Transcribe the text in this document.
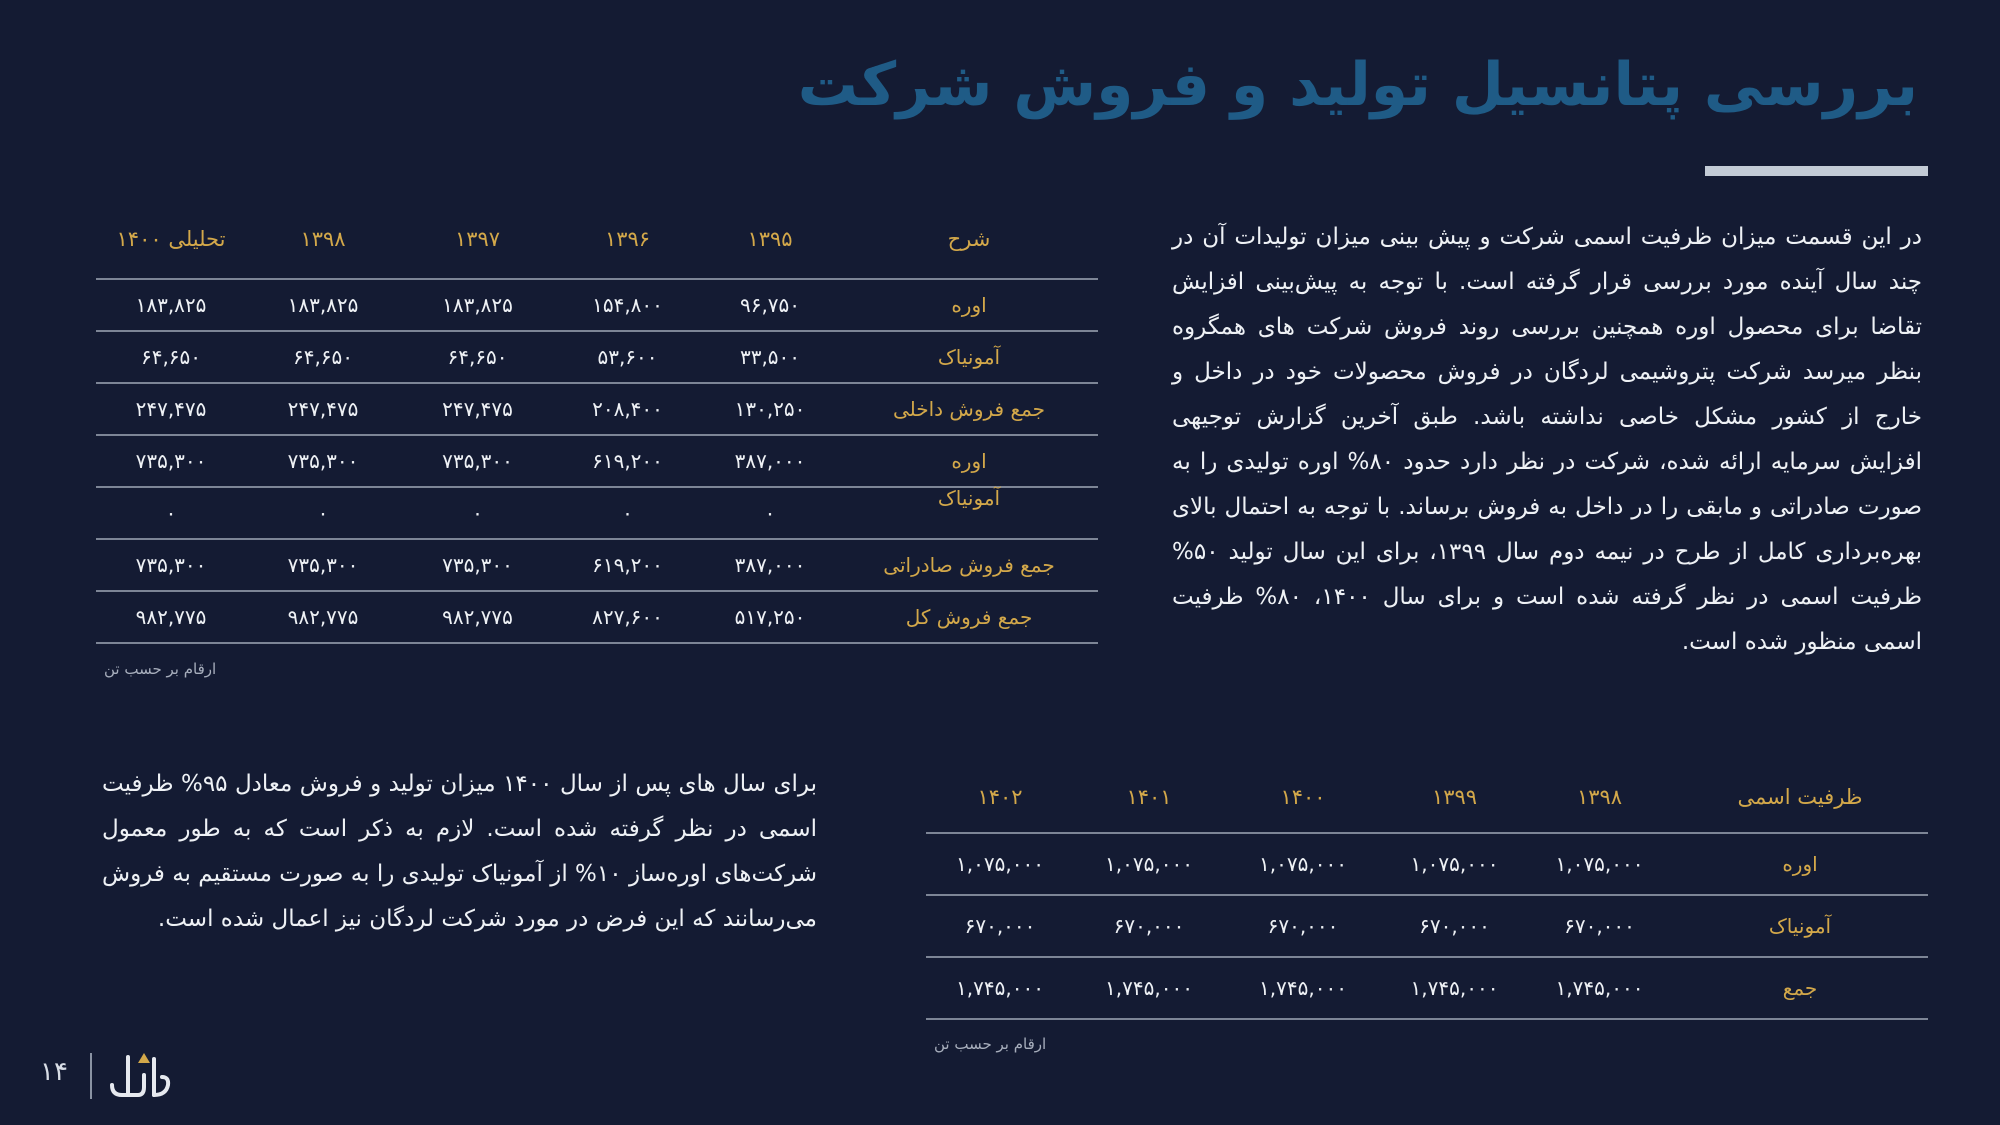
بررسی پتانسیل تولید و فروش شرکت

در این قسمت میزان ظرفیت اسمی شرکت و پیش بینی میزان تولیدات آن در چند سال آینده مورد بررسی قرار گرفته است. با توجه به پیش‌بینی افزایش تقاضا برای محصول اوره همچنین بررسی روند فروش شرکت های همگروه بنظر میرسد شرکت پتروشیمی لردگان در فروش محصولات خود در داخل و خارج از کشور مشکل خاصی نداشته باشد. طبق آخرین گزارش توجیهی افزایش سرمایه ارائه شده، شرکت در نظر دارد حدود ۸۰% اوره تولیدی را به صورت صادراتی و مابقی را در داخل به فروش برساند. با توجه به احتمال بالای بهره‌برداری کامل از طرح در نیمه دوم سال ۱۳۹۹، برای این سال تولید ۵۰% ظرفیت اسمی در نظر گرفته شده است و برای سال ۱۴۰۰، ۸۰% ظرفیت اسمی منظور شده است.

شرح	۱۳۹۵	۱۳۹۶	۱۳۹۷	۱۳۹۸	تحلیلی ۱۴۰۰
اوره	۹۶,۷۵۰	۱۵۴,۸۰۰	۱۸۳,۸۲۵	۱۸۳,۸۲۵	۱۸۳,۸۲۵
آمونیاک	۳۳,۵۰۰	۵۳,۶۰۰	۶۴,۶۵۰	۶۴,۶۵۰	۶۴,۶۵۰
جمع فروش داخلی	۱۳۰,۲۵۰	۲۰۸,۴۰۰	۲۴۷,۴۷۵	۲۴۷,۴۷۵	۲۴۷,۴۷۵
اوره	۳۸۷,۰۰۰	۶۱۹,۲۰۰	۷۳۵,۳۰۰	۷۳۵,۳۰۰	۷۳۵,۳۰۰
آمونیاک	۰	۰	۰	۰	۰
جمع فروش صادراتی	۳۸۷,۰۰۰	۶۱۹,۲۰۰	۷۳۵,۳۰۰	۷۳۵,۳۰۰	۷۳۵,۳۰۰
جمع فروش کل	۵۱۷,۲۵۰	۸۲۷,۶۰۰	۹۸۲,۷۷۵	۹۸۲,۷۷۵	۹۸۲,۷۷۵
ارقام بر حسب تن

برای سال های پس از سال ۱۴۰۰ میزان تولید و فروش معادل ۹۵% ظرفیت اسمی در نظر گرفته شده است. لازم به ذکر است که به طور معمول شرکت‌های اوره‌ساز ۱۰% از آمونیاک تولیدی را به صورت مستقیم به فروش می‌رسانند که این فرض در مورد شرکت لردگان نیز اعمال شده است.

ظرفیت اسمی	۱۳۹۸	۱۳۹۹	۱۴۰۰	۱۴۰۱	۱۴۰۲
اوره	۱,۰۷۵,۰۰۰	۱,۰۷۵,۰۰۰	۱,۰۷۵,۰۰۰	۱,۰۷۵,۰۰۰	۱,۰۷۵,۰۰۰
آمونیاک	۶۷۰,۰۰۰	۶۷۰,۰۰۰	۶۷۰,۰۰۰	۶۷۰,۰۰۰	۶۷۰,۰۰۰
جمع	۱,۷۴۵,۰۰۰	۱,۷۴۵,۰۰۰	۱,۷۴۵,۰۰۰	۱,۷۴۵,۰۰۰	۱,۷۴۵,۰۰۰
ارقام بر حسب تن
۱۴
